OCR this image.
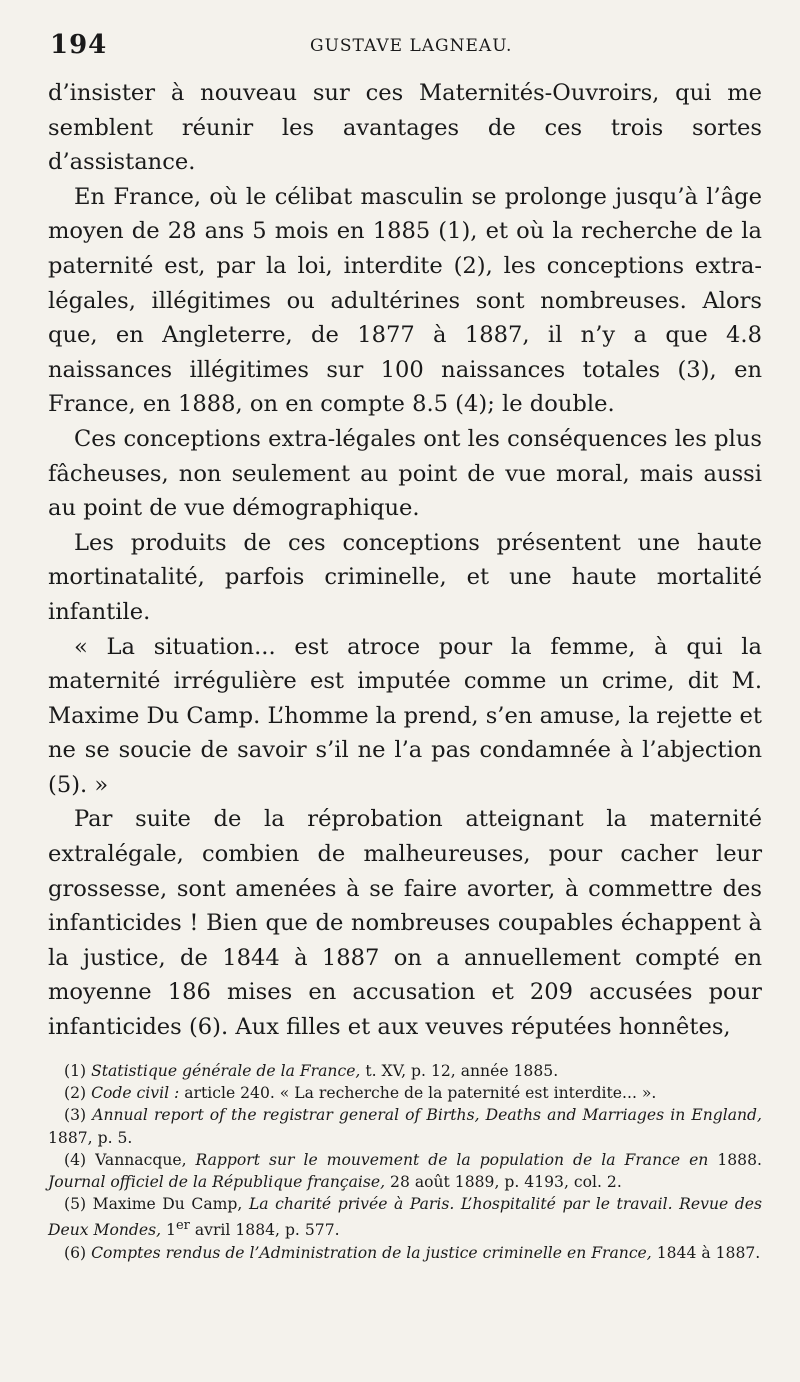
194	GUSTAVE LAGNEAU.

d’insister à nouveau sur ces Maternités-Ouvroirs, qui me semblent réunir les avantages de ces trois sortes d’assistance.

En France, où le célibat masculin se prolonge jusqu’à l’âge moyen de 28 ans 5 mois en 1885 (1), et où la recherche de la paternité est, par la loi, interdite (2), les conceptions extra-légales, illégitimes ou adultérines sont nombreuses. Alors que, en Angleterre, de 1877 à 1887, il n’y a que 4.8 naissances illégitimes sur 100 naissances totales (3), en France, en 1888, on en compte 8.5 (4); le double.

Ces conceptions extra-légales ont les conséquences les plus fâcheuses, non seulement au point de vue moral, mais aussi au point de vue démographique.

Les produits de ces conceptions présentent une haute mortinatalité, parfois criminelle, et une haute mortalité infantile.

« La situation... est atroce pour la femme, à qui la maternité irrégulière est imputée comme un crime, dit M. Maxime Du Camp. L’homme la prend, s’en amuse, la rejette et ne se soucie de savoir s’il ne l’a pas condamnée à l’abjection (5). »

Par suite de la réprobation atteignant la maternité extralégale, combien de malheureuses, pour cacher leur grossesse, sont amenées à se faire avorter, à commettre des infanticides ! Bien que de nombreuses coupables échappent à la justice, de 1844 à 1887 on a annuellement compté en moyenne 186 mises en accusation et 209 accusées pour infanticides (6). Aux filles et aux veuves réputées honnêtes,

(1) Statistique générale de la France, t. XV, p. 12, année 1885.

(2) Code civil : article 240. « La recherche de la paternité est interdite... ».

(3) Annual report of the registrar general of Births, Deaths and Marriages in England, 1887, p. 5.

(4) Vannacque, Rapport sur le mouvement de la population de la France en 1888. Journal officiel de la République française, 28 août 1889, p. 4193, col. 2.

(5) Maxime Du Camp, La charité privée à Paris. L’hospitalité par le travail. Revue des Deux Mondes, 1er avril 1884, p. 577.

(6) Comptes rendus de l’Administration de la justice criminelle en France, 1844 à 1887.
